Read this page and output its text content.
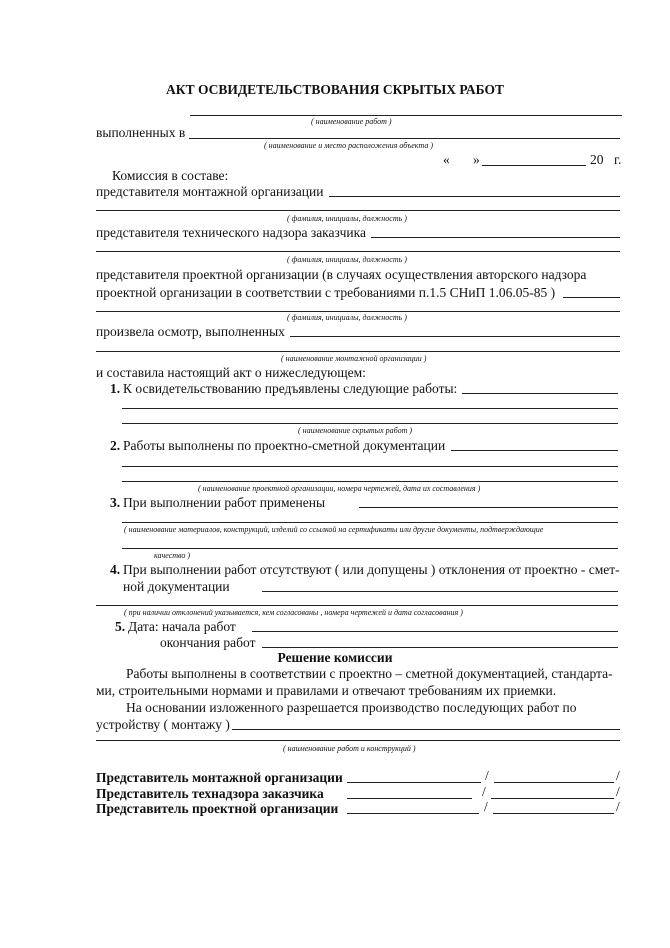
АКТ ОСВИДЕТЕЛЬСТВОВАНИЯ СКРЫТЫХ РАБОТ
( наименование работ )
выполненных в
( наименование и место расположения объекта )
« »	20 г.
Комиссия в составе:
представителя монтажной организации
( фамилия, инициалы, должность )
представителя технического надзора заказчика
( фамилия, инициалы, должность )
представителя проектной организации (в случаях осуществления авторского надзора
проектной организации в соответствии с требованиями п.1.5 СНиП 1.06.05-85 )
( фамилия, инициалы, должность )
произвела осмотр, выполненных
( наименование монтажной организации )
и составила настоящий акт о нижеследующем:
1. К освидетельствованию предъявлены следующие работы:
( наименование скрытых работ )
2. Работы выполнены по проектно-сметной документации
( наименование проектной организации, номера чертежей, дата их составления )
3. При выполнении работ применены
( наименование материалов, конструкций, изделий со ссылкой на сертификаты или другие документы, подтверждающие
качество )
4. При выполнении работ отсутствуют ( или допущены ) отклонения от проектно - смет-
ной документации
( при наличии отклонений указывается, кем согласованы , номера чертежей и дата согласования )
5. Дата: начала работ
окончания работ
Решение комиссии
Работы выполнены в соответствии с проектно – сметной документацией, стандарта-
ми, строительными нормами и правилами и отвечают требованиям их приемки.
На основании изложенного разрешается производство последующих работ по
устройству ( монтажу )
( наименование работ и конструкций )
Представитель монтажной организации	/	/
Представитель технадзора заказчика	/	/
Представитель проектной организации	/	/
